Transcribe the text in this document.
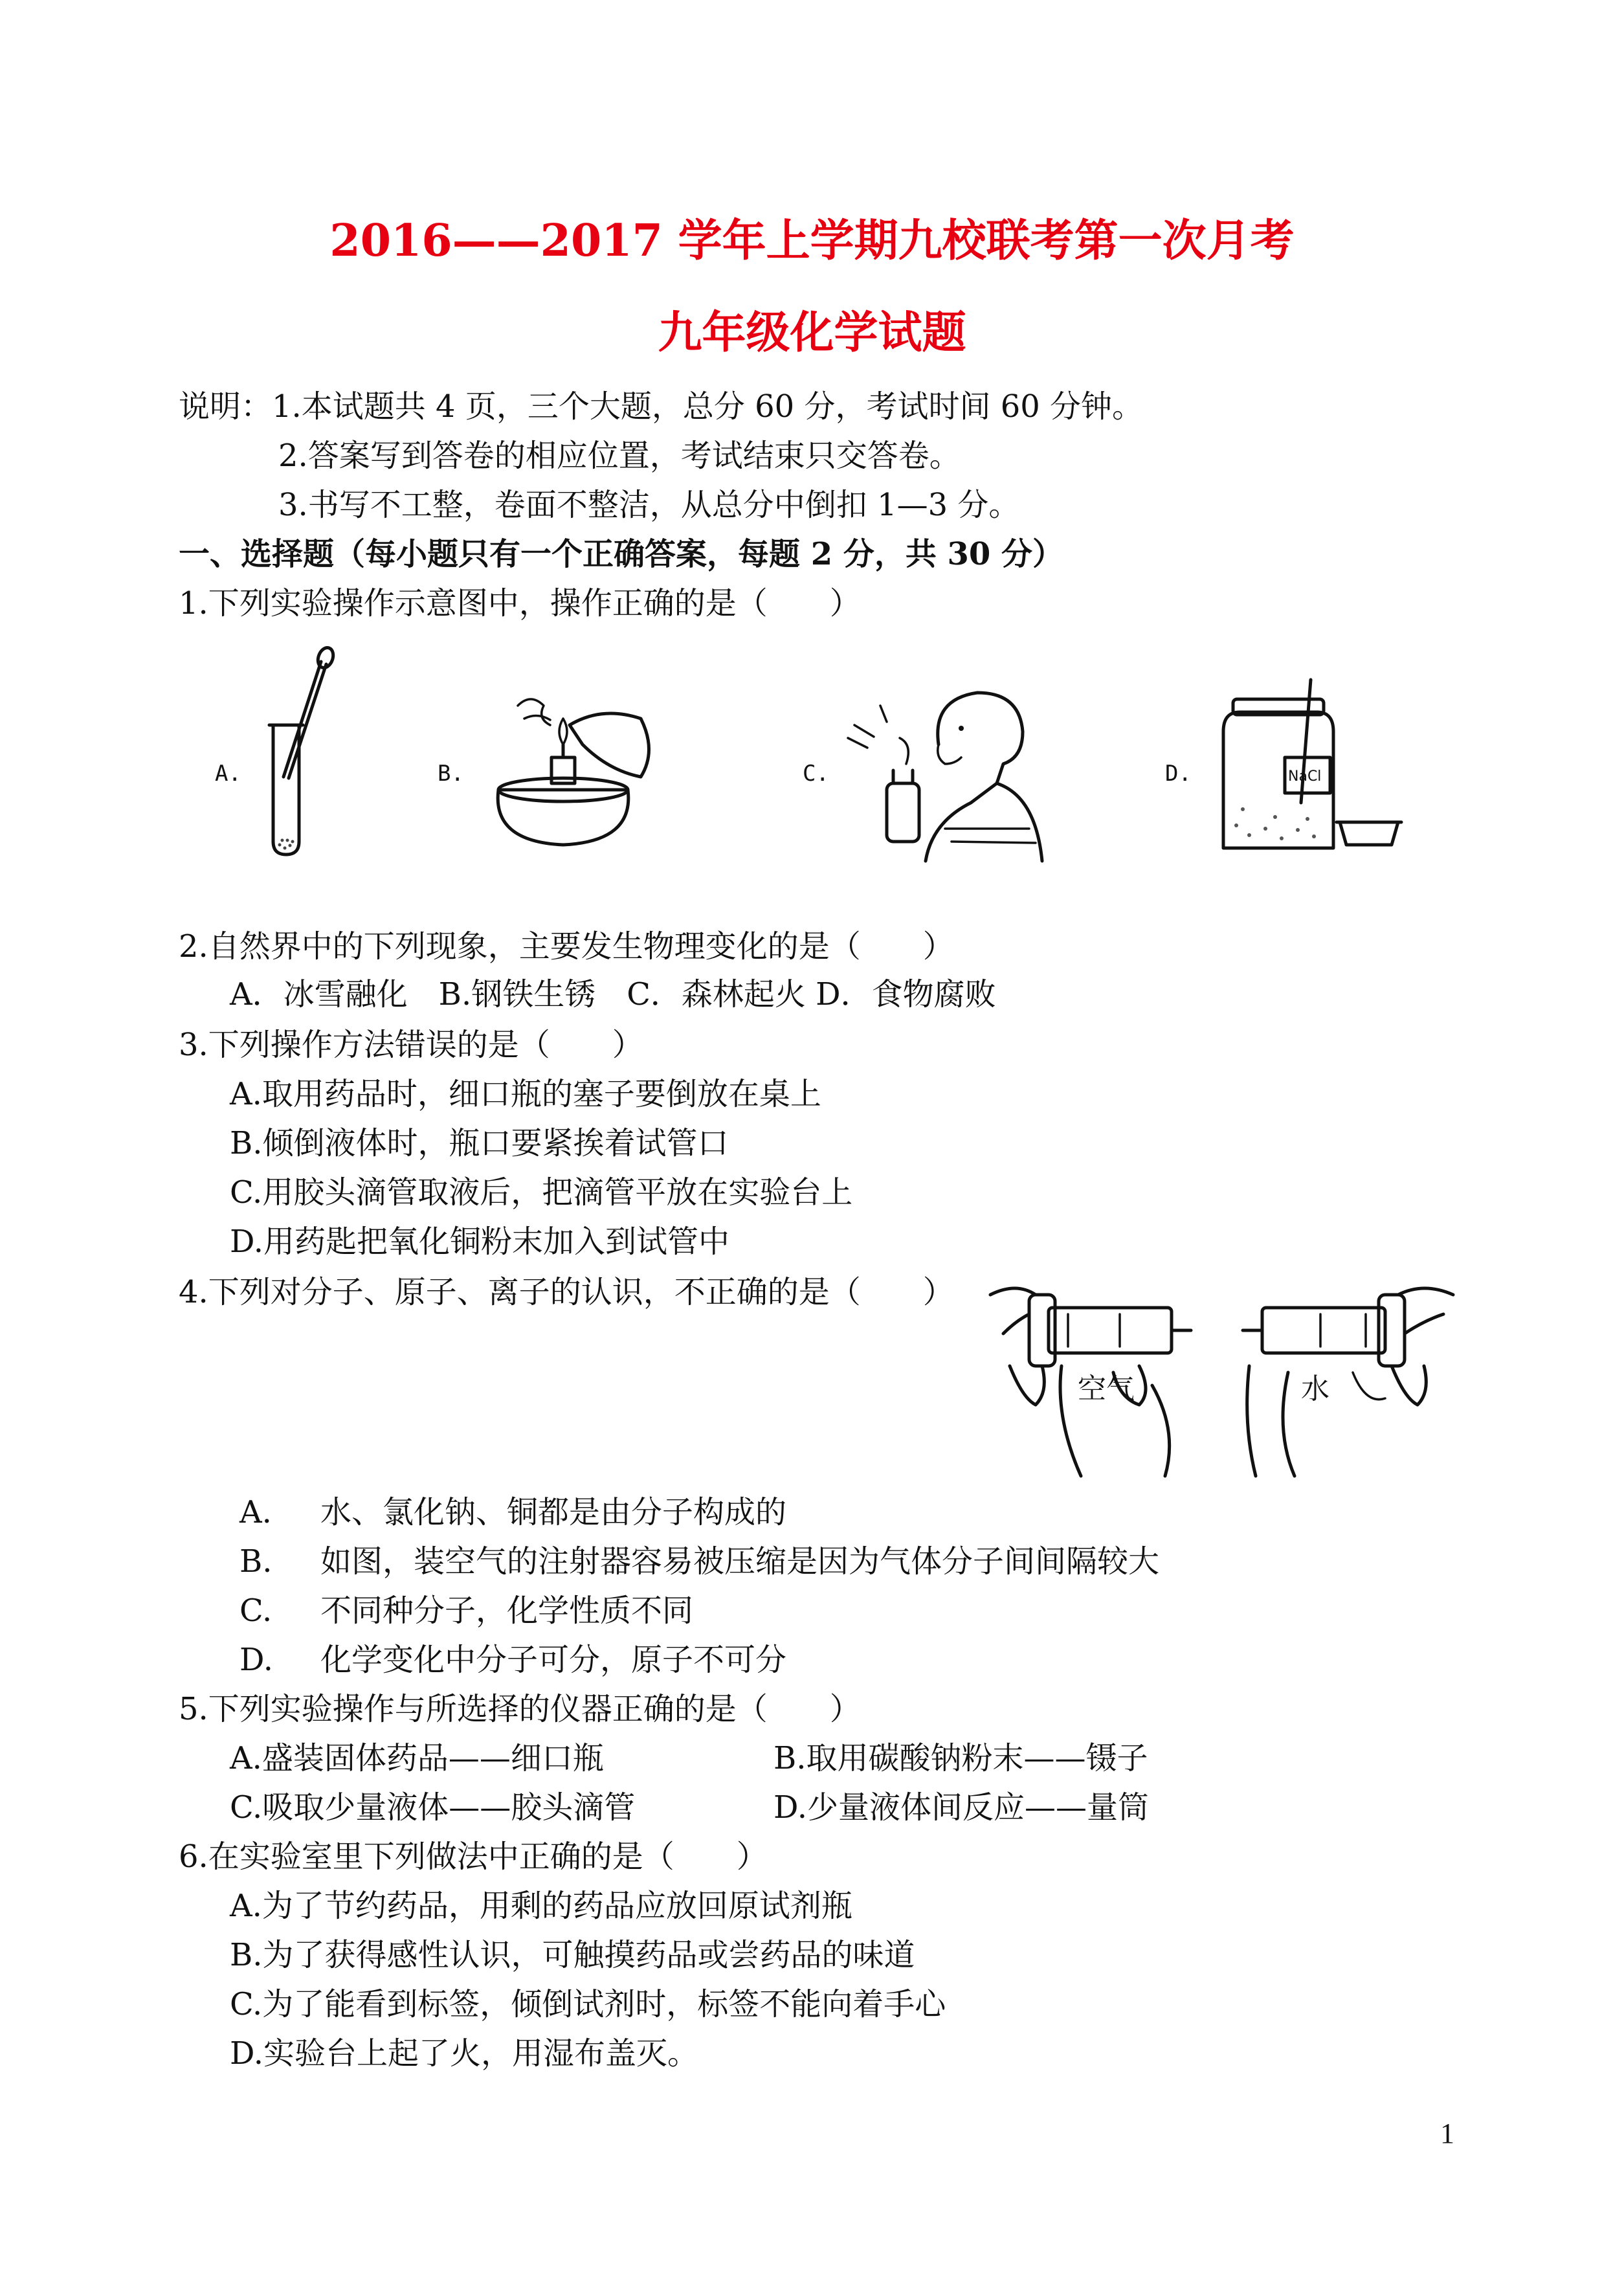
2016——2017 学年上学期九校联考第一次月考
九年级化学试题
说明： 1.本试题共 4 页，三个大题，总分 60 分，考试时间 60 分钟。
2.答案写到答卷的相应位置，考试结束只交答卷。
3.书写不工整，卷面不整洁，从总分中倒扣 1—3 分。
一、选择题（每小题只有一个正确答案，每题 2 分，共 30 分）
1.下列实验操作示意图中，操作正确的是（　　）
A.	B.	C.	D.	NaCl
2.自然界中的下列现象，主要发生物理变化的是（　　）
A．冰雪融化　B.钢铁生锈　C．森林起火 D．食物腐败
3.下列操作方法错误的是（　　）
A.取用药品时，细口瓶的塞子要倒放在桌上
B.倾倒液体时，瓶口要紧挨着试管口
C.用胶头滴管取液后，把滴管平放在实验台上
D.用药匙把氧化铜粉末加入到试管中
4.下列对分子、原子、离子的认识，不正确的是（　　）
空气	水
A. 水、氯化钠、铜都是由分子构成的
B. 如图，装空气的注射器容易被压缩是因为气体分子间间隔较大
C. 不同种分子，化学性质不同
D. 化学变化中分子可分，原子不可分
5.下列实验操作与所选择的仪器正确的是（　　）
A.盛装固体药品——细口瓶	B.取用碳酸钠粉末——镊子
C.吸取少量液体——胶头滴管	D.少量液体间反应——量筒
6.在实验室里下列做法中正确的是（　　）
A.为了节约药品，用剩的药品应放回原试剂瓶
B.为了获得感性认识，可触摸药品或尝药品的味道
C.为了能看到标签，倾倒试剂时，标签不能向着手心
D.实验台上起了火，用湿布盖灭。
1
